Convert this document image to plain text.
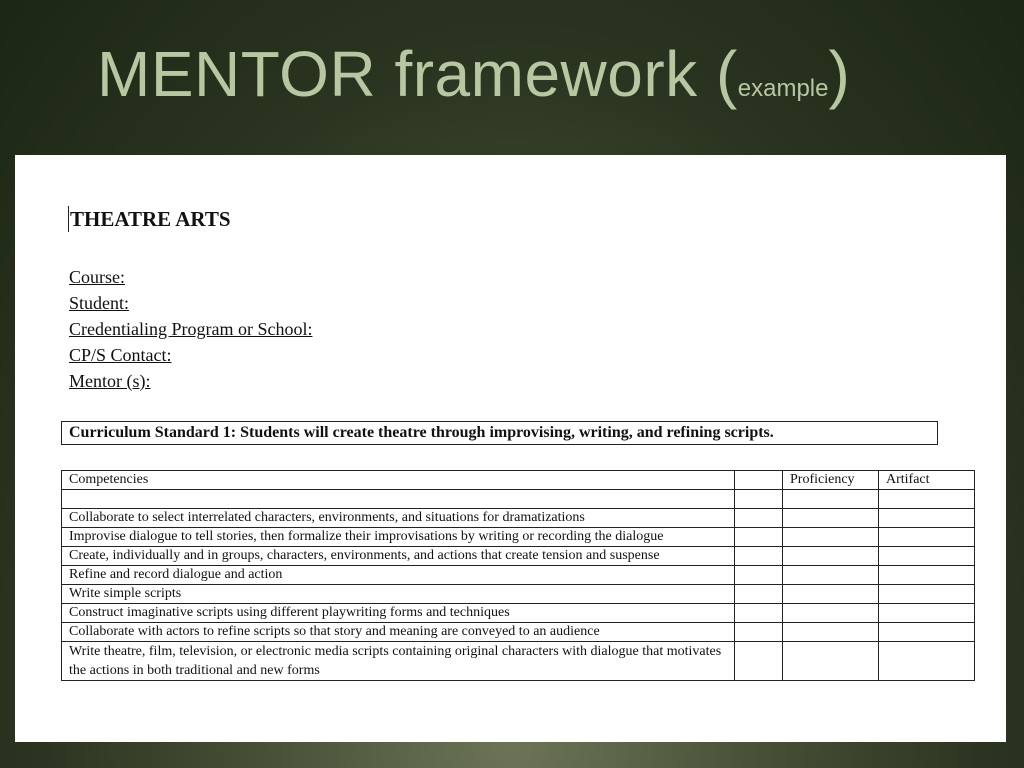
MENTOR framework (example)
THEATRE ARTS
Course:
Student:
Credentialing Program or School:
CP/S Contact:
Mentor (s):
Curriculum Standard 1: Students will create theatre through improvising, writing, and refining scripts.
Competencies		Proficiency	Artifact

Collaborate to select interrelated characters, environments, and situations for dramatizations			
Improvise dialogue to tell stories, then formalize their improvisations by writing or recording the dialogue			
Create, individually and in groups, characters, environments, and actions that create tension and suspense			
Refine and record dialogue and action			
Write simple scripts			
Construct imaginative scripts using different playwriting forms and techniques			
Collaborate with actors to refine scripts so that story and meaning are conveyed to an audience			
Write theatre, film, television, or electronic media scripts containing original characters with dialogue that motivates the actions in both traditional and new forms			
